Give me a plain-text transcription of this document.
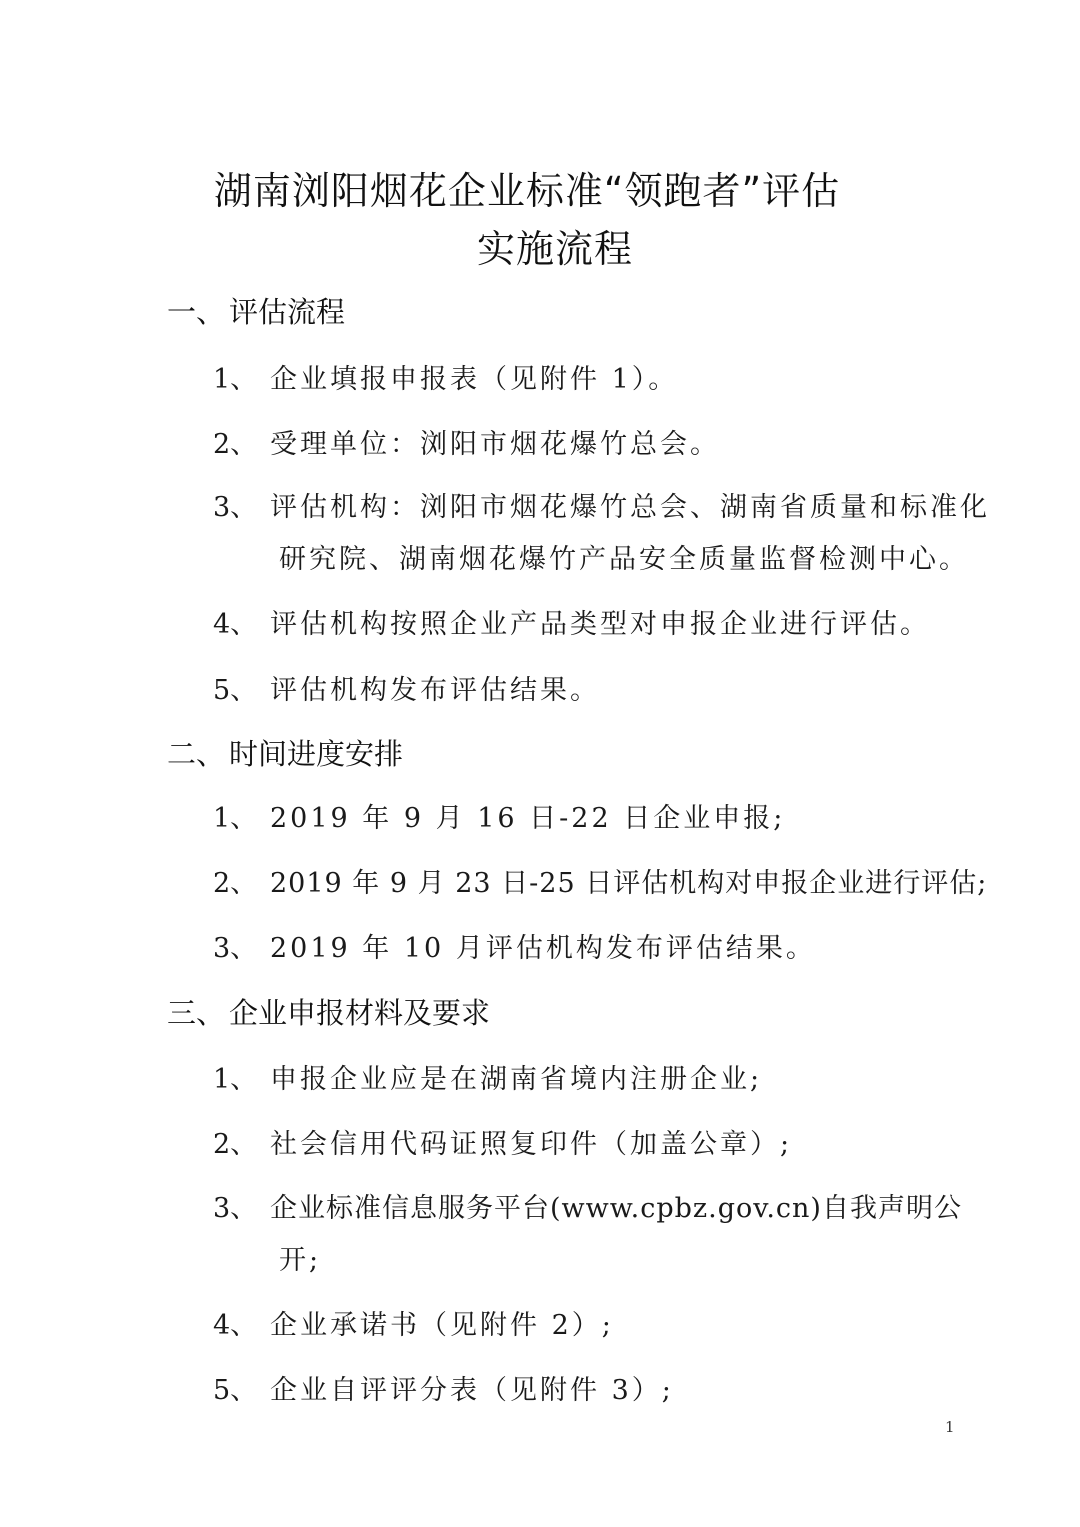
湖南浏阳烟花企业标准“领跑者”评估
实施流程
一、 评估流程
1、 企业填报申报表（见附件 1）。
2、 受理单位：浏阳市烟花爆竹总会。
3、 评估机构：浏阳市烟花爆竹总会、湖南省质量和标准化
研究院、湖南烟花爆竹产品安全质量监督检测中心。
4、 评估机构按照企业产品类型对申报企业进行评估。
5、 评估机构发布评估结果。
二、 时间进度安排
1、 2019 年 9 月 16 日-22 日企业申报;
2、 2019 年 9 月 23 日-25 日评估机构对申报企业进行评估;
3、 2019 年 10 月评估机构发布评估结果。
三、 企业申报材料及要求
1、 申报企业应是在湖南省境内注册企业;
2、 社会信用代码证照复印件（加盖公章）;
3、 企业标准信息服务平台(www.cpbz.gov.cn)自我声明公
开;
4、 企业承诺书（见附件 2）;
5、 企业自评评分表（见附件 3）;
1
